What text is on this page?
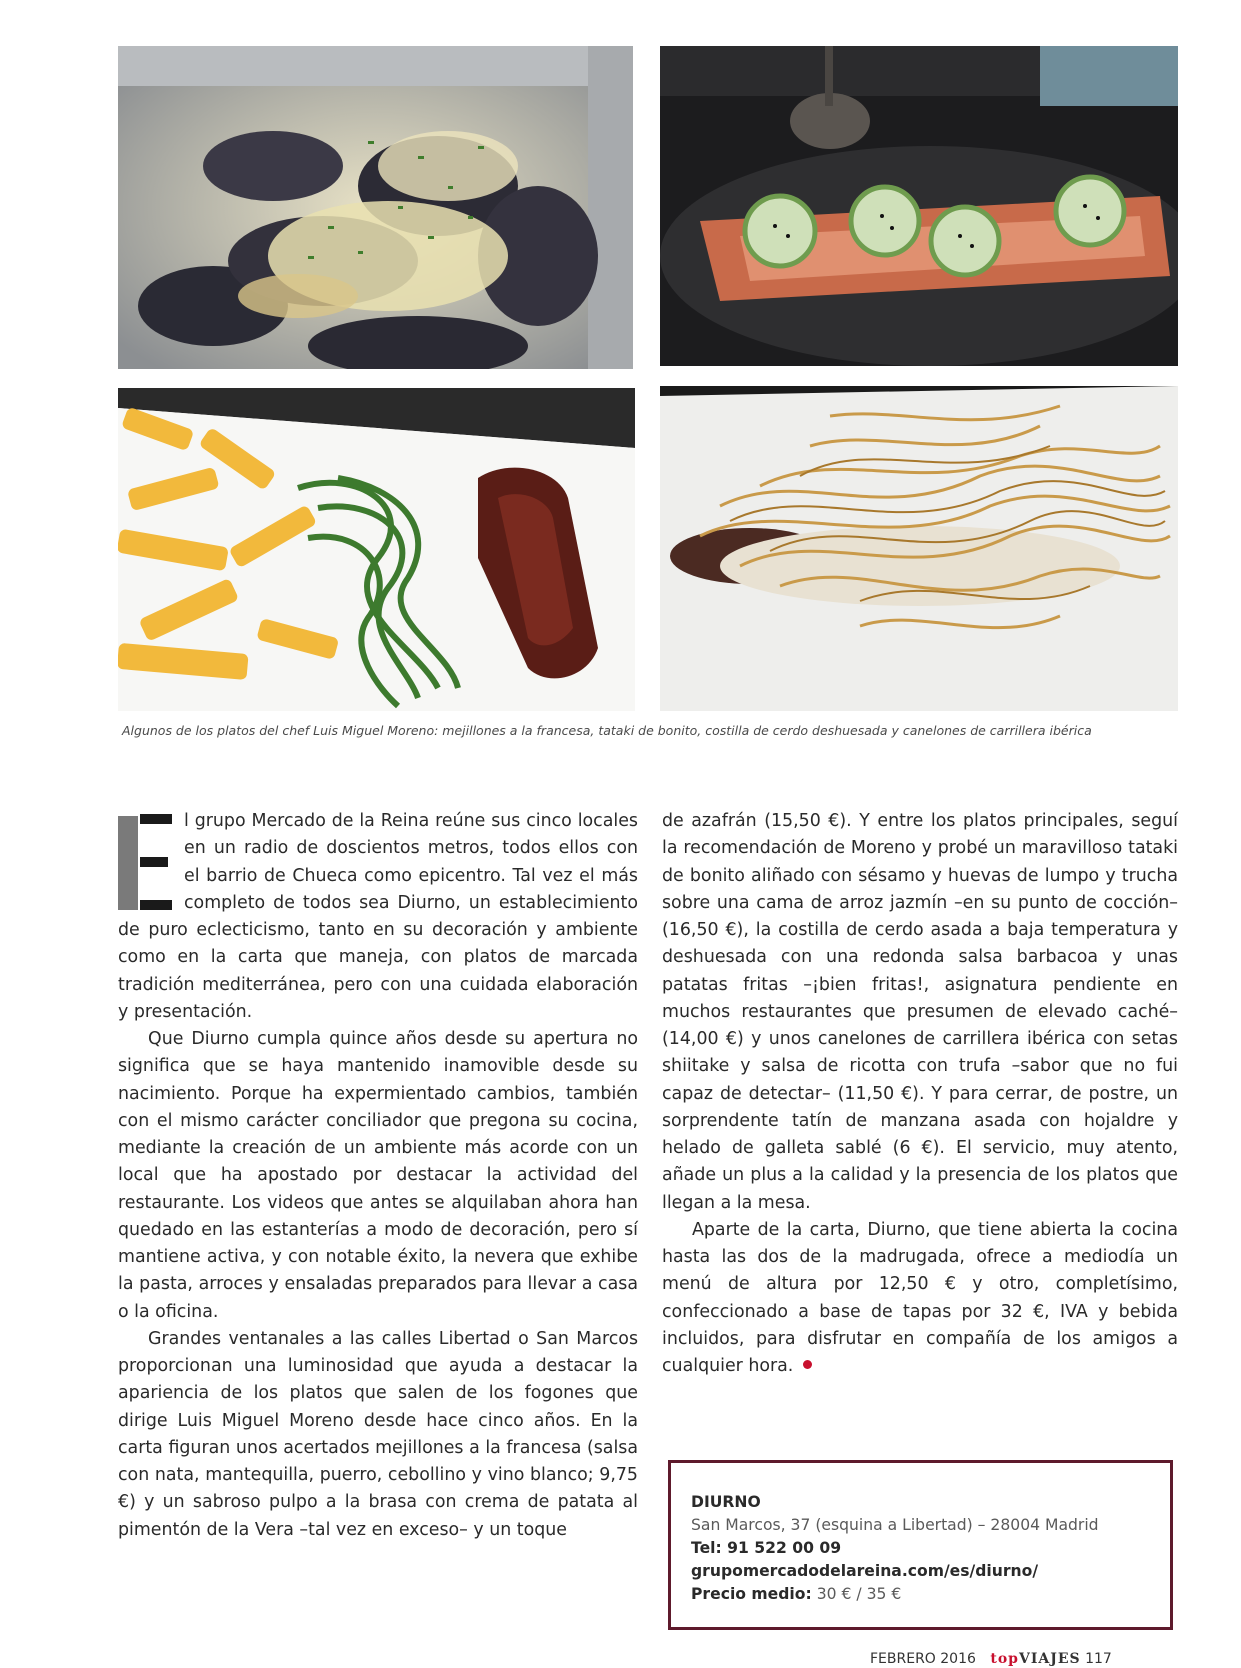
Algunos de los platos del chef Luis Miguel Moreno: mejillones a la francesa, tataki de bonito, costilla de cerdo deshuesada y canelones de carrillera ibérica

E
l grupo Mercado de la Reina reúne sus cinco locales en un radio de doscientos metros, todos ellos con el barrio de Chueca como epicentro. Tal vez el más completo de todos sea Diurno, un establecimiento de puro eclecticismo, tanto en su decoración y ambiente como en la carta que maneja, con platos de marcada tradición mediterránea, pero con una cuidada elaboración y presentación.

Que Diurno cumpla quince años desde su apertura no significa que se haya mantenido inamovible desde su nacimiento. Porque ha expermientado cambios, también con el mismo carácter conciliador que pregona su cocina, mediante la creación de un ambiente más acorde con un local que ha apostado por destacar la actividad del restaurante. Los videos que antes se alquilaban ahora han quedado en las estanterías a modo de decoración, pero sí mantiene activa, y con notable éxito, la nevera que exhibe la pasta, arroces y ensaladas preparados para llevar a casa o la oficina.

Grandes ventanales a las calles Libertad o San Marcos proporcionan una luminosidad que ayuda a destacar la apariencia de los platos que salen de los fogones que dirige Luis Miguel Moreno desde hace cinco años. En la carta figuran unos acertados mejillones a la francesa (salsa con nata, mantequilla, puerro, cebollino y vino blanco; 9,75 €) y un sabroso pulpo a la brasa con crema de patata al pimentón de la Vera –tal vez en exceso– y un toque

de azafrán (15,50 €). Y entre los platos principales, seguí la recomendación de Moreno y probé un maravilloso tataki de bonito aliñado con sésamo y huevas de lumpo y trucha sobre una cama de arroz jazmín –en su punto de cocción– (16,50 €), la costilla de cerdo asada a baja temperatura y deshuesada con una redonda salsa barbacoa y unas patatas fritas –¡bien fritas!, asignatura pendiente en muchos restaurantes que presumen de elevado caché– (14,00 €) y unos canelones de carrillera ibérica con setas shiitake y salsa de ricotta con trufa –sabor que no fui capaz de detectar– (11,50 €). Y para cerrar, de postre, un sorprendente tatín de manzana asada con hojaldre y helado de galleta sablé (6 €). El servicio, muy atento, añade un plus a la calidad y la presencia de los platos que llegan a la mesa.

Aparte de la carta, Diurno, que tiene abierta la cocina hasta las dos de la madrugada, ofrece a mediodía un menú de altura por 12,50 € y otro, completísimo, confeccionado a base de tapas por 32 €, IVA y bebida incluidos, para disfrutar en compañía de los amigos a cualquier hora.

DIURNO
San Marcos, 37 (esquina a Libertad) – 28004 Madrid
Tel: 91 522 00 09
grupomercadodelareina.com/es/diurno/
Precio medio: 30 € / 35 €
FEBRERO 2016 topVIAJES 117
